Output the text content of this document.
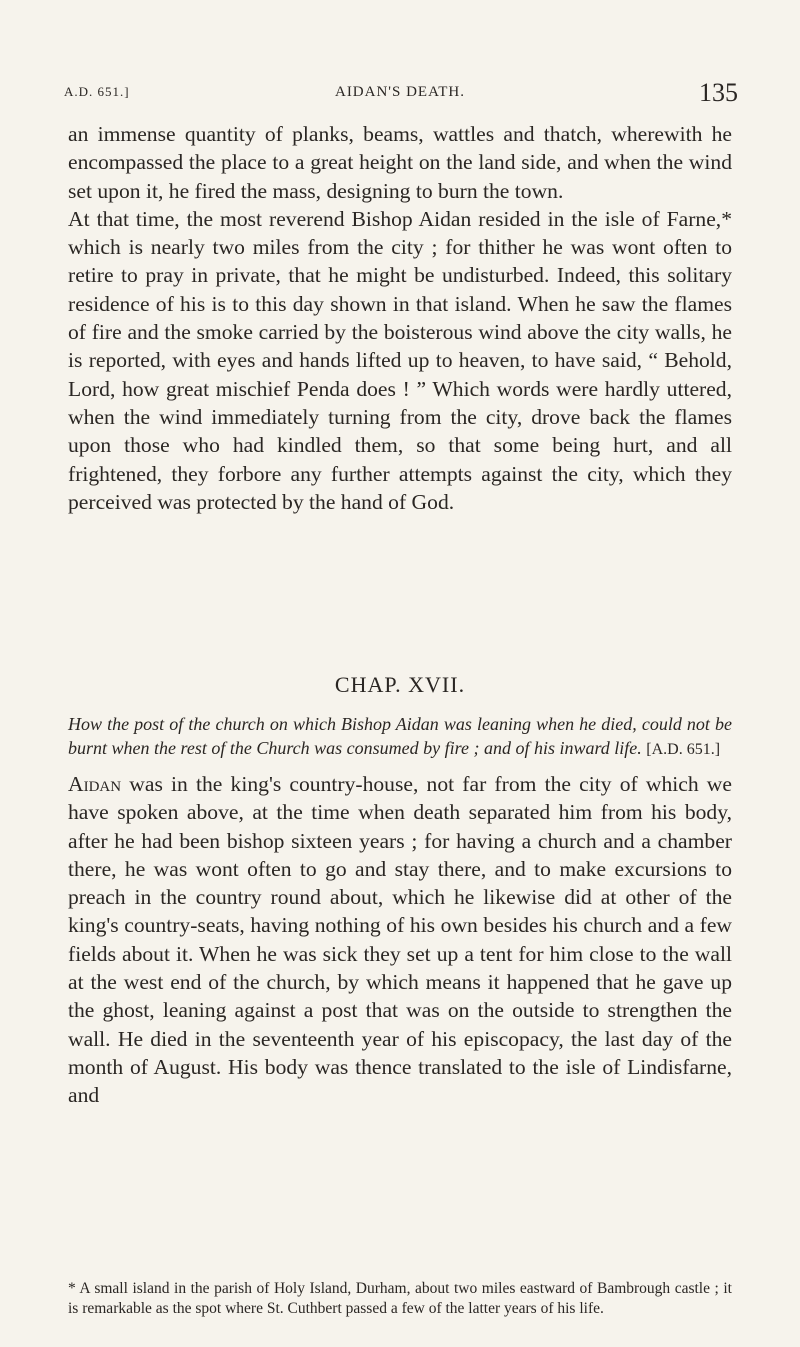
A.D. 651.]	AIDAN'S DEATH.	135

an immense quantity of planks, beams, wattles and thatch, wherewith he encompassed the place to a great height on the land side, and when the wind set upon it, he fired the mass, designing to burn the town.

At that time, the most reverend Bishop Aidan resided in the isle of Farne,* which is nearly two miles from the city ; for thither he was wont often to retire to pray in private, that he might be undisturbed. Indeed, this solitary residence of his is to this day shown in that island. When he saw the flames of fire and the smoke carried by the boisterous wind above the city walls, he is reported, with eyes and hands lifted up to heaven, to have said, “ Behold, Lord, how great mischief Penda does ! ” Which words were hardly uttered, when the wind immediately turning from the city, drove back the flames upon those who had kindled them, so that some being hurt, and all frightened, they forbore any further attempts against the city, which they perceived was protected by the hand of God.

CHAP. XVII.
How the post of the church on which Bishop Aidan was leaning when he died, could not be burnt when the rest of the Church was consumed by fire ; and of his inward life. [A.D. 651.]

Aidan was in the king's country-house, not far from the city of which we have spoken above, at the time when death separated him from his body, after he had been bishop sixteen years ; for having a church and a chamber there, he was wont often to go and stay there, and to make excursions to preach in the country round about, which he likewise did at other of the king's country-seats, having nothing of his own besides his church and a few fields about it. When he was sick they set up a tent for him close to the wall at the west end of the church, by which means it happened that he gave up the ghost, leaning against a post that was on the outside to strengthen the wall. He died in the seventeenth year of his episcopacy, the last day of the month of August. His body was thence translated to the isle of Lindisfarne, and

* A small island in the parish of Holy Island, Durham, about two miles eastward of Bambrough castle ; it is remarkable as the spot where St. Cuthbert passed a few of the latter years of his life.
